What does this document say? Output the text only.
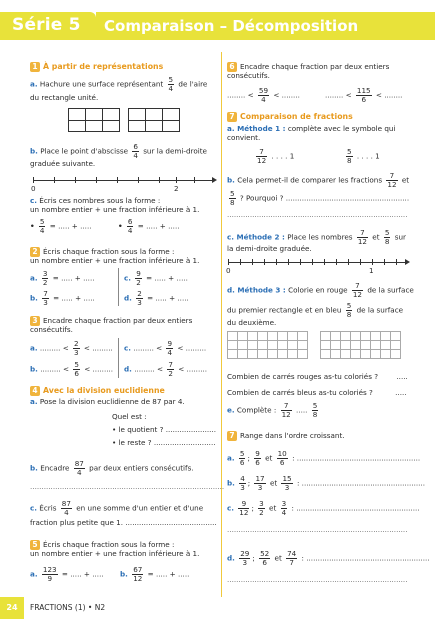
Série 5 Comparaison – Décomposition
1 À partir de représentations
a. Hachure une surface représentant $\frac{5}{4}$ de l'aire
du rectangle unité.
b. Place le point d'abscisse $\frac{6}{4}$ sur la demi-droite
graduée suivante.
0	2
c. Écris ces nombres sous la forme :
un nombre entier + une fraction inférieure à 1.
• $\frac{5}{4}$ = ..... + .....	• $\frac{6}{4}$ = ..... + .....
2 Écris chaque fraction sous la forme :
un nombre entier + une fraction inférieure à 1.
a. $\frac{3}{2}$ = ..... + .....
b. $\frac{7}{3}$ = ..... + .....
c. $\frac{9}{2}$ = ..... + .....
d. $\frac{2}{3}$ = ..... + .....
3 Encadre chaque fraction par deux entiers
consécutifs.
a. ......... < $\frac{2}{3}$ < .........
b. ......... < $\frac{5}{6}$ < .........
c. ......... < $\frac{9}{4}$ < .........
d. ......... < $\frac{7}{2}$ < .........
4 Avec la division euclidienne
a. Pose la division euclidienne de 87 par 4.
Quel est :
• le quotient ? ......................
• le reste ? ...........................
b. Encadre $\frac{87}{4}$ par deux entiers consécutifs.
.....................................................................................
c. Écris $\frac{87}{4}$ en une somme d'un entier et d'une
fraction plus petite que 1. ........................................
5 Écris chaque fraction sous la forme :
un nombre entier + une fraction inférieure à 1.
a. $\frac{123}{9}$ = ..... + ..... b. $\frac{67}{12}$ = ..... + .....
6 Encadre chaque fraction par deux entiers
consécutifs.
........ < $\frac{59}{4}$ < ........	........ < $\frac{115}{6}$ < ........
7 Comparaison de fractions
a. Méthode 1 : complète avec le symbole qui
convient.
$\frac{7}{12}$ . . . . 1	$\frac{5}{8}$ . . . . 1
b. Cela permet-il de comparer les fractions $\frac{7}{12}$ et
$\frac{5}{8}$ ? Pourquoi ? ......................................................
...............................................................................
c. Méthode 2 : Place les nombres $\frac{7}{12}$ et $\frac{5}{8}$ sur
la demi-droite graduée.
0	1
d. Méthode 3 : Colorie en rouge $\frac{7}{12}$ de la surface
du premier rectangle et en bleu $\frac{5}{8}$ de la surface
du deuxième.

Combien de carrés rouges as-tu coloriés ?	.....
Combien de carrés bleus as-tu coloriés ?	.....
e. Complète : $\frac{7}{12}$ ..... $\frac{5}{8}$
7 Range dans l'ordre croissant.
a. $\frac{5}{6}$ ; $\frac{9}{6}$ et $\frac{10}{6}$ : ......................................................
b. $\frac{4}{3}$ ; $\frac{17}{3}$ et $\frac{15}{3}$ : ......................................................
c. $\frac{9}{12}$ ; $\frac{3}{2}$ et $\frac{3}{4}$ : ......................................................
...............................................................................
d. $\frac{29}{3}$ ; $\frac{52}{6}$ et $\frac{74}{7}$ : ......................................................
...............................................................................
24	FRACTIONS (1) • N2
